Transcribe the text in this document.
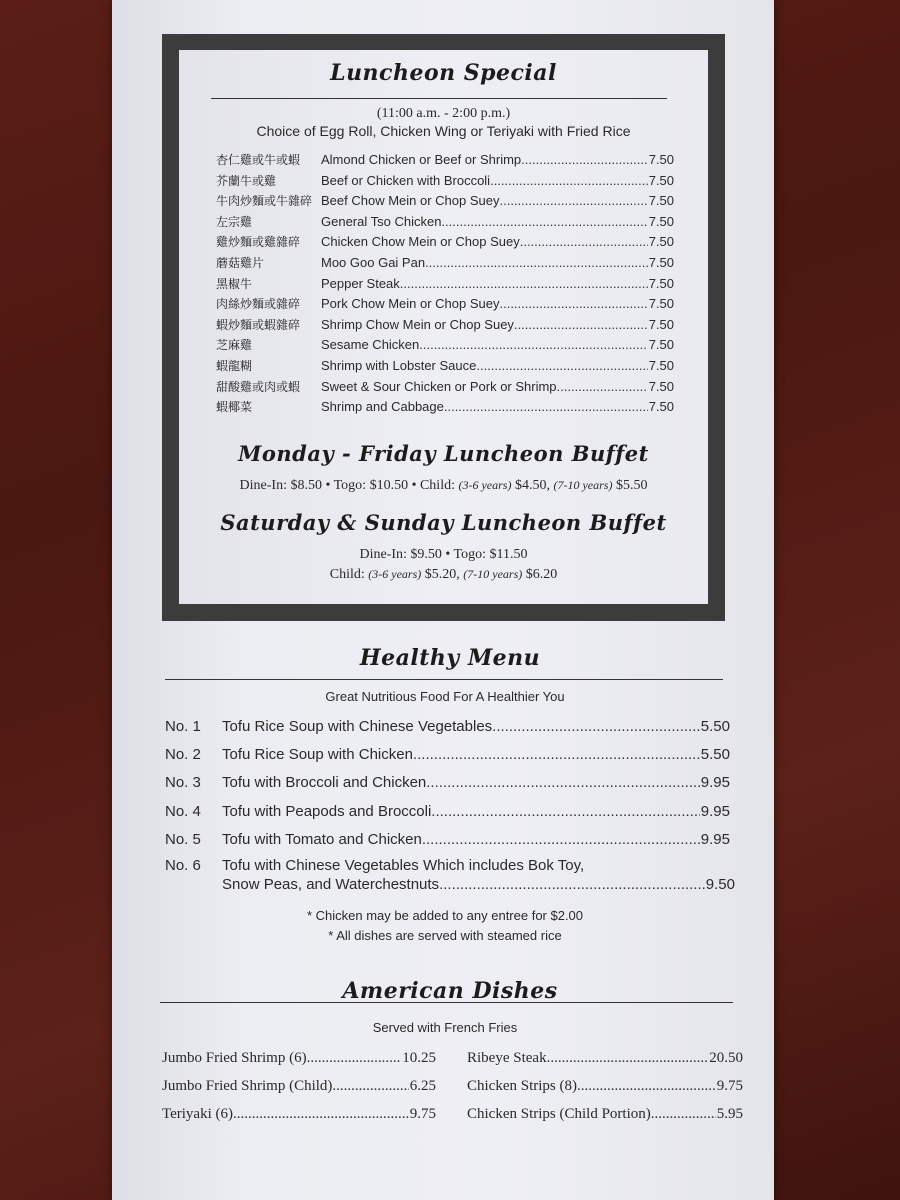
Luncheon Special
(11:00 a.m. - 2:00 p.m.)
Choice of Egg Roll, Chicken Wing or Teriyaki with Fried Rice
杏仁雞或牛或蝦	Almond Chicken or Beef or Shrimp .....	7.50
芥蘭牛或雞	Beef or Chicken with Broccoli .....	7.50
牛肉炒麵或牛雜碎 Beef Chow Mein or Chop Suey .....	7.50
左宗雞	General Tso Chicken .....	7.50
雞炒麵或雞雜碎	Chicken Chow Mein or Chop Suey .....	7.50
蘑菇雞片	Moo Goo Gai Pan .....	7.50
黑椒牛	Pepper Steak .....	7.50
肉絲炒麵或雜碎	Pork Chow Mein or Chop Suey .....	7.50
蝦炒麵或蝦雜碎	Shrimp Chow Mein or Chop Suey .....	7.50
芝麻雞	Sesame Chicken .....	7.50
蝦龍糊	Shrimp with Lobster Sauce .....	7.50
甜酸雞或肉或蝦	Sweet & Sour Chicken or Pork or Shrimp .....	7.50
蝦椰菜	Shrimp and Cabbage .....	7.50
Monday - Friday Luncheon Buffet
Dine-In: $8.50 • Togo: $10.50 • Child: (3-6 years) $4.50, (7-10 years) $5.50
Saturday & Sunday Luncheon Buffet
Dine-In: $9.50 • Togo: $11.50
Child: (3-6 years) $5.20, (7-10 years) $6.20
Healthy Menu
Great Nutritious Food For A Healthier You
No. 1	Tofu Rice Soup with Chinese Vegetables .....	5.50
No. 2	Tofu Rice Soup with Chicken .....	5.50
No. 3	Tofu with Broccoli and Chicken .....	9.95
No. 4	Tofu with Peapods and Broccoli .....	9.95
No. 5	Tofu with Tomato and Chicken .....	9.95
No. 6	Tofu with Chinese Vegetables Which includes Bok Toy,
Snow Peas, and Waterchestnuts .....	9.50
* Chicken may be added to any entree for $2.00
* All dishes are served with steamed rice
American Dishes
Served with French Fries
Jumbo Fried Shrimp (6) .....	10.25
Jumbo Fried Shrimp (Child) .....	6.25
Teriyaki (6) .....	9.75
Ribeye Steak .....	20.50
Chicken Strips (8) .....	9.75
Chicken Strips (Child Portion) .....	5.95
